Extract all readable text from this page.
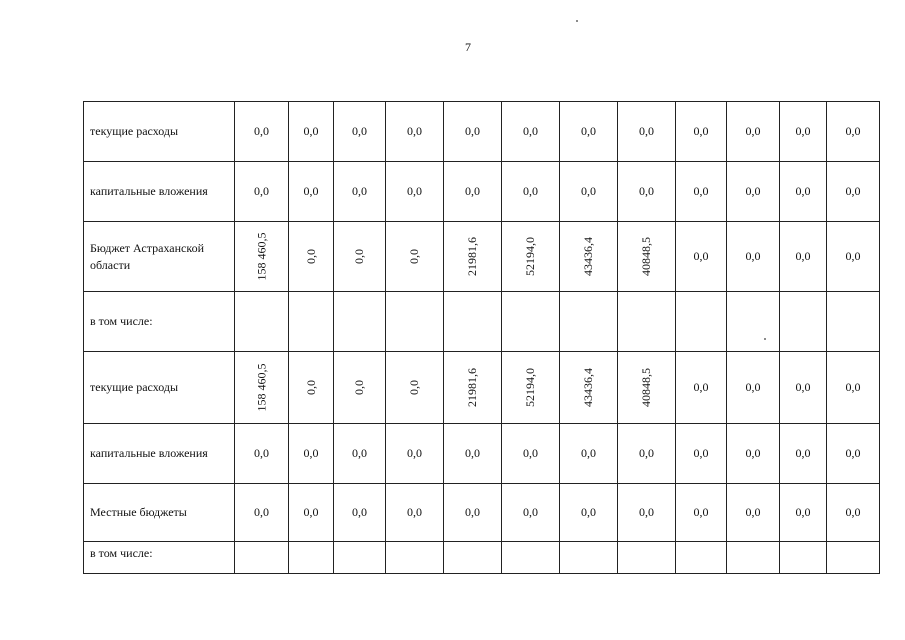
7
текущие расходы	0,0	0,0	0,0	0,0	0,0	0,0	0,0	0,0	0,0	0,0	0,0	0,0
капитальные вложения	0,0	0,0	0,0	0,0	0,0	0,0	0,0	0,0	0,0	0,0	0,0	0,0
Бюджет Астраханской области	158 460,5	0,0	0,0	0,0	21981,6	52194,0	43436,4	40848,5	0,0	0,0	0,0	0,0
в том числе:												
текущие расходы	158 460,5	0,0	0,0	0,0	21981,6	52194,0	43436,4	40848,5	0,0	0,0	0,0	0,0
капитальные вложения	0,0	0,0	0,0	0,0	0,0	0,0	0,0	0,0	0,0	0,0	0,0	0,0
Местные бюджеты	0,0	0,0	0,0	0,0	0,0	0,0	0,0	0,0	0,0	0,0	0,0	0,0
в том числе:												
